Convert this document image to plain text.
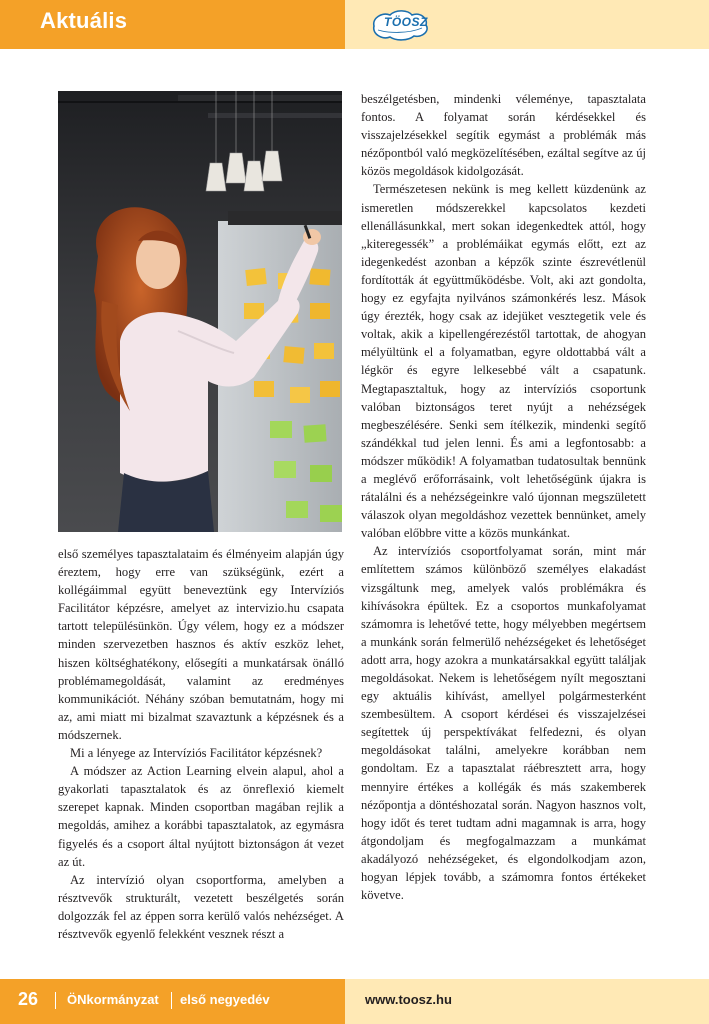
Aktuális	TÖOSZ

első személyes tapasztalataim és élményeim alapján úgy éreztem, hogy erre van szükségünk, ezért a kollégáimmal együtt beneveztünk egy Intervíziós Facilitátor képzésre, amelyet az intervizio.hu csapata tartott településünkön. Úgy vélem, hogy ez a módszer minden szervezetben hasznos és aktív eszköz lehet, hiszen költséghatékony, elősegíti a munkatársak önálló problémamegoldását, valamint az eredményes kommunikációt. Néhány szóban bemutatnám, hogy mi az, ami miatt mi bizalmat szavaztunk a képzésnek és a módszernek.

Mi a lényege az Intervíziós Facilitátor képzésnek?

A módszer az Action Learning elvein alapul, ahol a gyakorlati tapasztalatok és az önreflexió kiemelt szerepet kapnak. Minden csoportban magában rejlik a megoldás, amihez a korábbi tapasztalatok, az egymásra figyelés és a csoport által nyújtott biztonságon át vezet az út.

Az intervízió olyan csoportforma, amelyben a résztvevők strukturált, vezetett beszélgetés során dolgozzák fel az éppen sorra kerülő valós nehézséget. A résztvevők egyenlő felekként vesznek részt a

beszélgetésben, mindenki véleménye, tapasztalata fontos. A folyamat során kérdésekkel és visszajelzésekkel segítik egymást a problémák más nézőpontból való megközelítésében, ezáltal segítve az új közös megoldások kidolgozását.

Természetesen nekünk is meg kellett küzdenünk az ismeretlen módszerekkel kapcsolatos kezdeti ellenállásunkkal, mert sokan idegenkedtek attól, hogy „kiteregessék” a problémáikat egymás előtt, ezt az idegenkedést azonban a képzők szinte észrevétlenül fordították át együttműködésbe. Volt, aki azt gondolta, hogy ez egyfajta nyilvános számonkérés lesz. Mások úgy érezték, hogy csak az idejüket vesztegetik vele és voltak, akik a kipellengérezéstől tartottak, de ahogyan mélyültünk el a folyamatban, egyre oldottabbá vált a légkör és egyre lelkesebbé vált a csapatunk. Megtapasztaltuk, hogy az intervíziós csoportunk valóban biztonságos teret nyújt a nehézségek megbeszélésére. Senki sem ítélkezik, mindenki segítő szándékkal tud jelen lenni. És ami a legfontosabb: a módszer működik! A folyamatban tudatosultak bennünk a meglévő erőforrásaink, volt lehetőségünk újakra is rátalálni és a nehézségeinkre való újonnan megszületett válaszok olyan megoldáshoz vezettek bennünket, amely valóban előbbre vitte a közös munkánkat.

Az intervíziós csoportfolyamat során, mint már említettem számos különböző személyes elakadást vizsgáltunk meg, amelyek valós problémákra és kihívásokra épültek. Ez a csoportos munkafolyamat számomra is lehetővé tette, hogy mélyebben megértsem a munkánk során felmerülő nehézségeket és lehetőséget adott arra, hogy azokra a munkatársakkal együtt találjak megoldásokat. Nekem is lehetőségem nyílt megosztani egy aktuális kihívást, amellyel polgármesterként szembesültem. A csoport kérdései és visszajelzései segítettek új perspektívákat felfedezni, és olyan megoldásokat találni, amelyekre korábban nem gondoltam. Ez a tapasztalat ráébresztett arra, hogy mennyire értékes a kollégák és más szakemberek nézőpontja a döntéshozatal során. Nagyon hasznos volt, hogy időt és teret tudtam adni magamnak is arra, hogy átgondoljam és megfogalmazzam a munkámat akadályozó nehézségeket, és elgondolkodjam azon, hogyan lépjek tovább, a számomra fontos értékeket követve.

26 ÖNkormányzat első negyedév	www.toosz.hu
